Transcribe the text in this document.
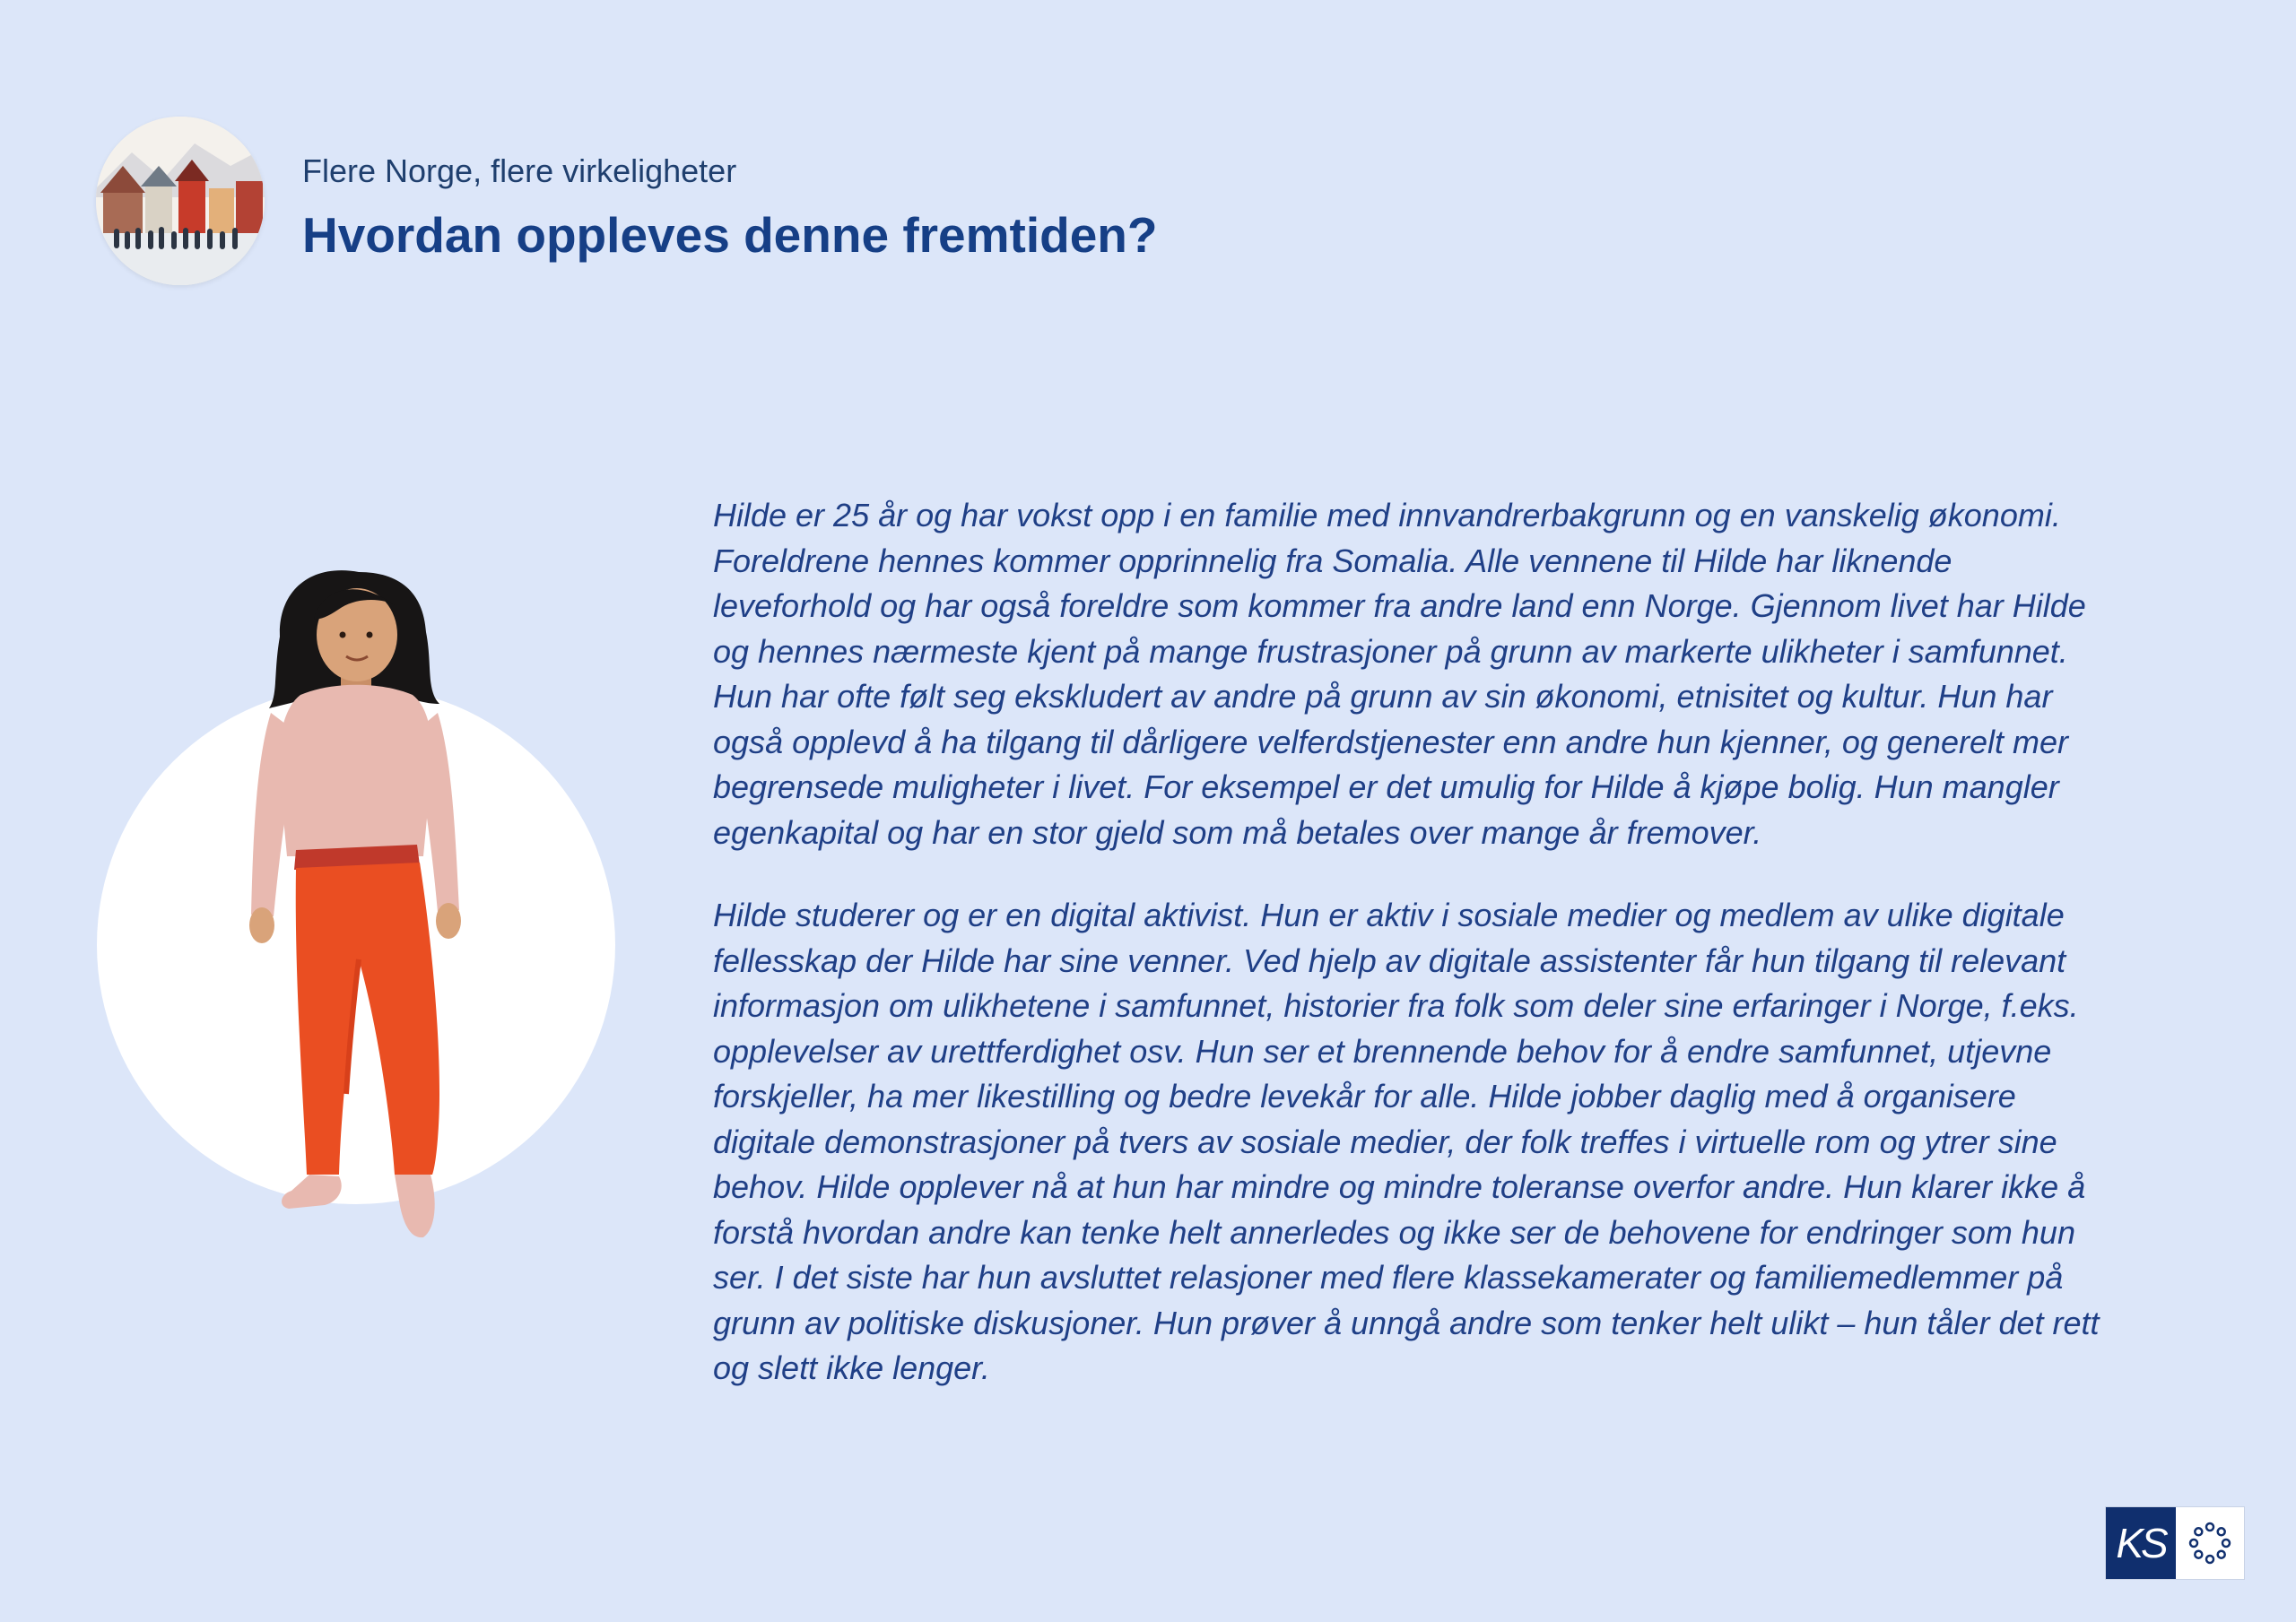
Flere Norge, flere virkeligheter
Hvordan oppleves denne fremtiden?

Hilde er 25 år og har vokst opp i en familie med innvandrerbakgrunn og en vanskelig økonomi. Foreldrene hennes kommer opprinnelig fra Somalia. Alle vennene til Hilde har liknende leveforhold og har også foreldre som kommer fra andre land enn Norge. Gjennom livet har Hilde og hennes nærmeste kjent på mange frustrasjoner på grunn av markerte ulikheter i samfunnet. Hun har ofte følt seg ekskludert av andre på grunn av sin økonomi, etnisitet og kultur. Hun har også opplevd å ha tilgang til dårligere velferdstjenester enn andre hun kjenner, og generelt mer begrensede muligheter i livet. For eksempel er det umulig for Hilde å kjøpe bolig. Hun mangler egenkapital og har en stor gjeld som må betales over mange år fremover.

Hilde studerer og er en digital aktivist. Hun er aktiv i sosiale medier og medlem av ulike digitale fellesskap der Hilde har sine venner. Ved hjelp av digitale assistenter får hun tilgang til relevant informasjon om ulikhetene i samfunnet, historier fra folk som deler sine erfaringer i Norge, f.eks. opplevelser av urettferdighet osv. Hun ser et brennende behov for å endre samfunnet, utjevne forskjeller, ha mer likestilling og bedre levekår for alle. Hilde jobber daglig med å organisere digitale demonstrasjoner på tvers av sosiale medier, der folk treffes i virtuelle rom og ytrer sine behov. Hilde opplever nå at hun har mindre og mindre toleranse overfor andre. Hun klarer ikke å forstå hvordan andre kan tenke helt annerledes og ikke ser de behovene for endringer som hun ser. I det siste har hun avsluttet relasjoner med flere klassekamerater og familiemedlemmer på grunn av politiske diskusjoner. Hun prøver å unngå andre som tenker helt ulikt – hun tåler det rett og slett ikke lenger.

KS
